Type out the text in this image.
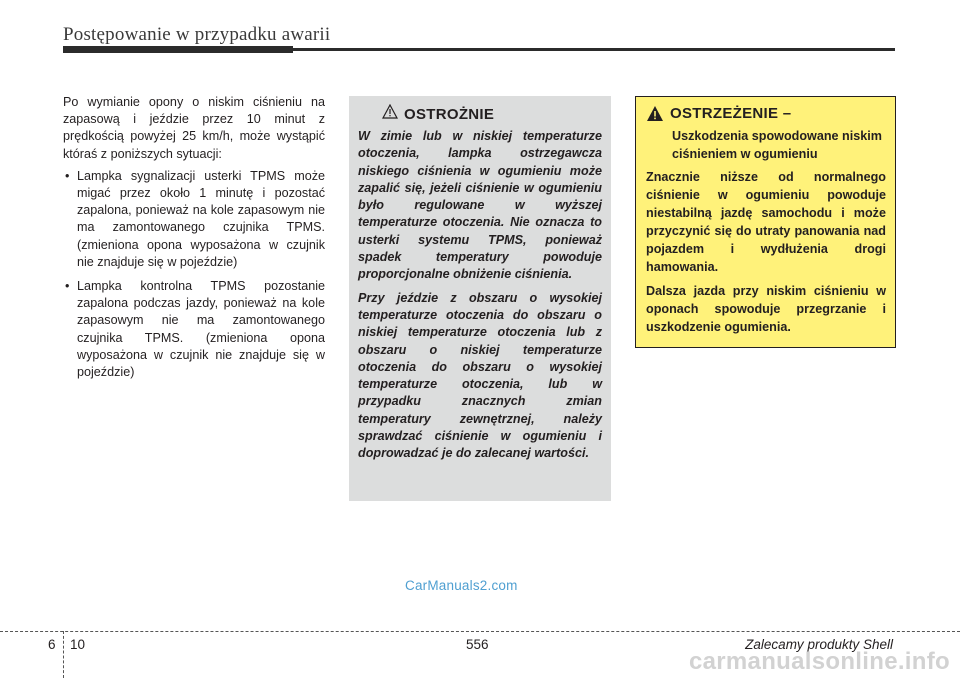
Postępowanie w przypadku awarii

Po wymianie opony o niskim ciśnieniu na zapasową i jeździe przez 10 minut z prędkością powyżej 25 km/h, może wystąpić któraś z poniższych sytuacji:

• Lampka sygnalizacji usterki TPMS może migać przez około 1 minutę i pozostać zapalona, ponieważ na kole zapasowym nie ma zamontowanego czujnika TPMS. (zmieniona opona wyposażona w czujnik nie znajduje się w pojeździe)
• Lampka kontrolna TPMS pozostanie zapalona podczas jazdy, ponieważ na kole zapasowym nie ma zamontowanego czujnika TPMS. (zmieniona opona wyposażona w czujnik nie znajduje się w pojeździe)
OSTROŻNIE

W zimie lub w niskiej temperaturze otoczenia, lampka ostrzegawcza niskiego ciśnienia w ogumieniu może zapalić się, jeżeli ciśnienie w ogumieniu było regulowane w wyższej temperaturze otoczenia. Nie oznacza to usterki systemu TPMS, ponieważ spadek temperatury powoduje proporcjonalne obniżenie ciśnienia.

Przy jeździe z obszaru o wysokiej temperaturze otoczenia do obszaru o niskiej temperaturze otoczenia lub z obszaru o niskiej temperaturze otoczenia do obszaru o wysokiej temperaturze otoczenia, lub w przypadku znacznych zmian temperatury zewnętrznej, należy sprawdzać ciśnienie w ogumieniu i doprowadzać je do zalecanej wartości.

OSTRZEŻENIE –
Uszkodzenia spowodowane niskim ciśnieniem w ogumieniu

Znacznie niższe od normalnego ciśnienie w ogumieniu powoduje niestabilną jazdę samochodu i może przyczynić się do utraty panowania nad pojazdem i wydłużenia drogi hamowania.

Dalsza jazda przy niskim ciśnieniu w oponach spowoduje przegrzanie i uszkodzenie ogumienia.

CarManuals2.com
6 10	556	Zalecamy produkty Shell
carmanualsonline.info
